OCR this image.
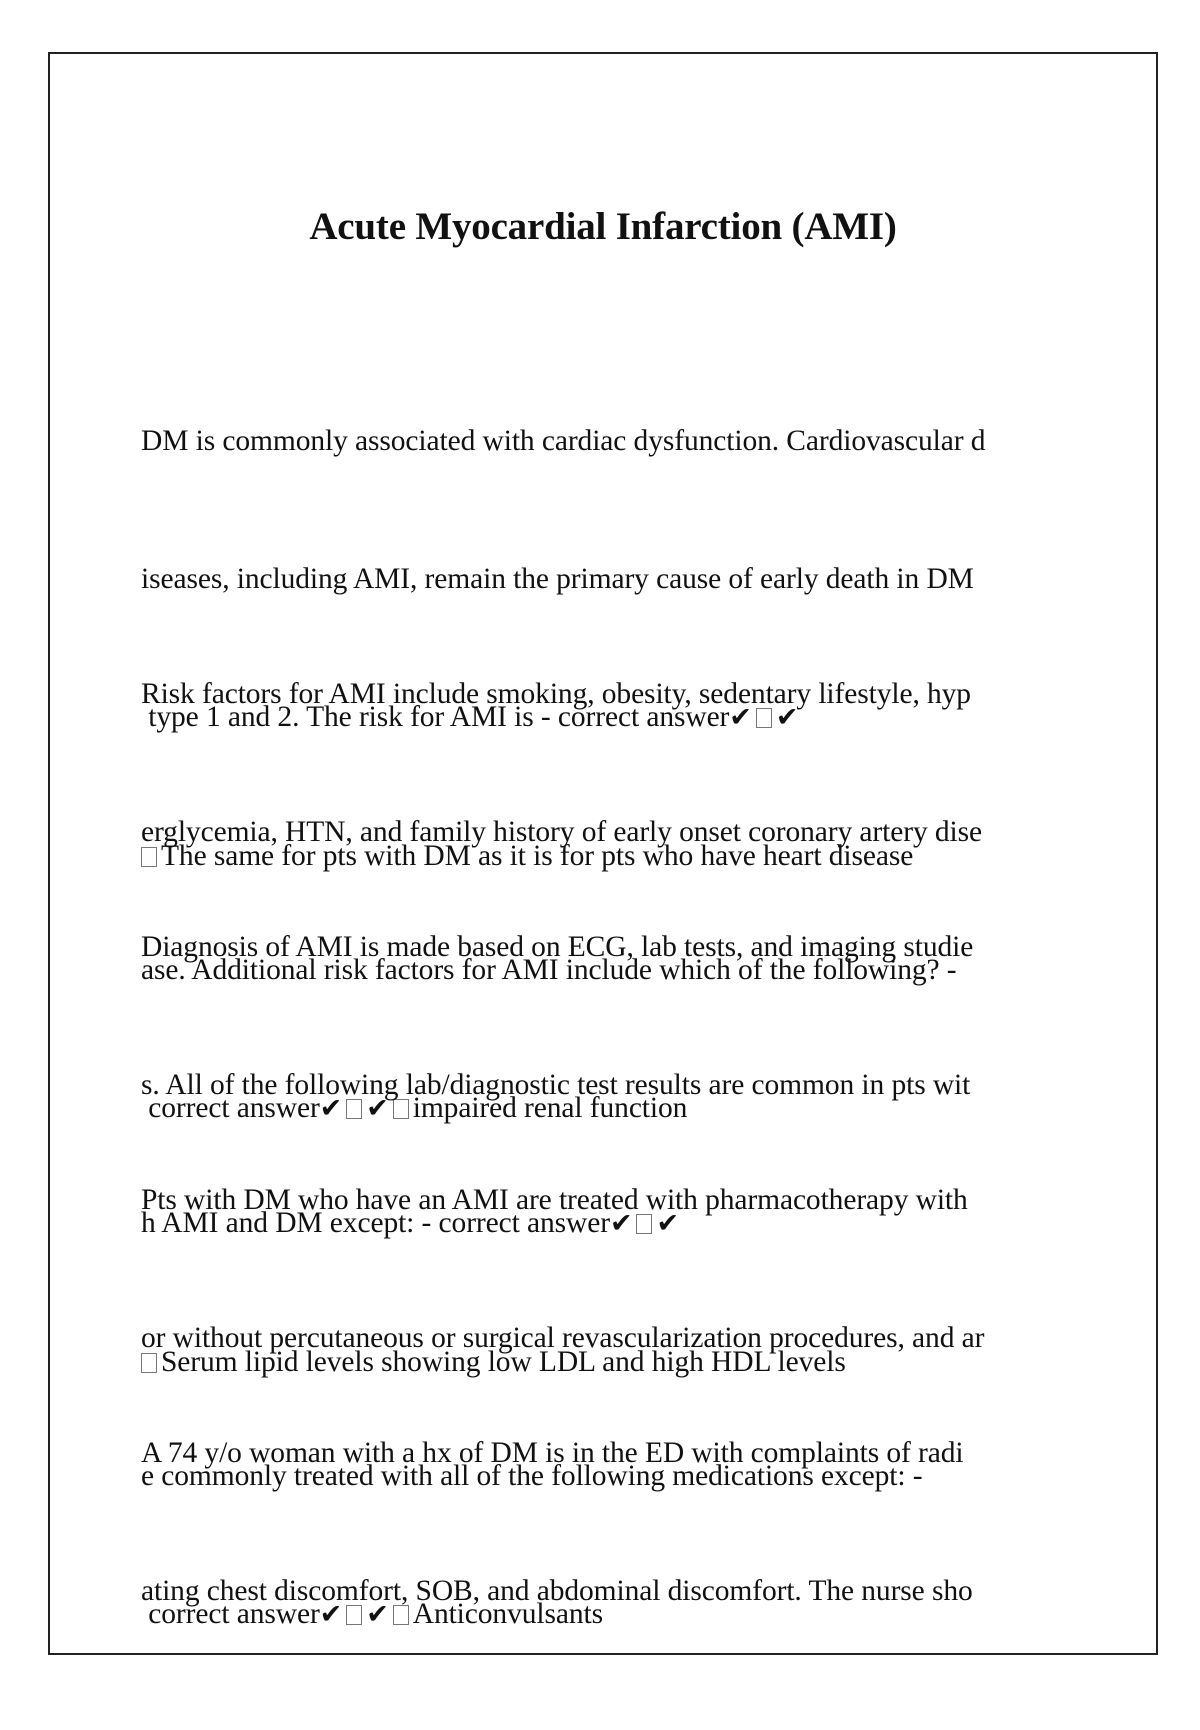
Acute Myocardial Infarction (AMI)

DM is commonly associated with cardiac dysfunction. Cardiovascular d

iseases, including AMI, remain the primary cause of early death in DM

type 1 and 2. The risk for AMI is - correct answer✔ ✔

The same for pts with DM as it is for pts who have heart disease

Risk factors for AMI include smoking, obesity, sedentary lifestyle, hyp

erglycemia, HTN, and family history of early onset coronary artery dise

ase. Additional risk factors for AMI include which of the following? -

correct answer✔ ✔ impaired renal function

Diagnosis of AMI is made based on ECG, lab tests, and imaging studie

s. All of the following lab/diagnostic test results are common in pts wit

h AMI and DM except: - correct answer✔ ✔

Serum lipid levels showing low LDL and high HDL levels

Pts with DM who have an AMI are treated with pharmacotherapy with

or without percutaneous or surgical revascularization procedures, and ar

e commonly treated with all of the following medications except: -

correct answer✔ ✔ Anticonvulsants

A 74 y/o woman with a hx of DM is in the ED with complaints of radi

ating chest discomfort, SOB, and abdominal discomfort. The nurse sho
